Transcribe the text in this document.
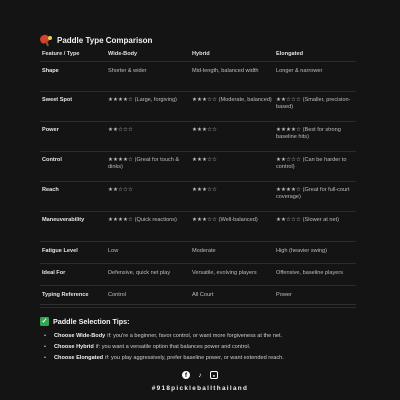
Paddle Type Comparison
Feature / Type	Wide-Body	Hybrid	Elongated
Shape	Shorter & wider	Mid-length, balanced width	Longer & narrower
Sweet Spot	★★★★☆ (Large, forgiving)	★★★☆☆ (Moderate, balanced)	★★☆☆☆ (Smaller, precision-based)
Power	★★☆☆☆	★★★☆☆	★★★★☆ (Best for strong baseline hits)
Control	★★★★☆ (Great for touch & dinks)	★★★☆☆	★★☆☆☆ (Can be harder to control)
Reach	★★☆☆☆	★★★☆☆	★★★★☆ (Great for full-court coverage)
Maneuverability	★★★★☆ (Quick reactions)	★★★☆☆ (Well-balanced)	★★☆☆☆ (Slower at net)
Fatigue Level	Low	Moderate	High (heavier swing)
Ideal For	Defensive, quick net play	Versatile, evolving players	Offensive, baseline players
Typing Reference	Control	All Court	Power
✓ Paddle Selection Tips:
•	Choose Wide-Body if: you're a beginner, favor control, or want more forgiveness at the net.
•	Choose Hybrid if: you want a versatile option that balances power and control.
•	Choose Elongated if: you play aggressively, prefer baseline power, or want extended reach.
f	♪	●
#918pickleballthailand
